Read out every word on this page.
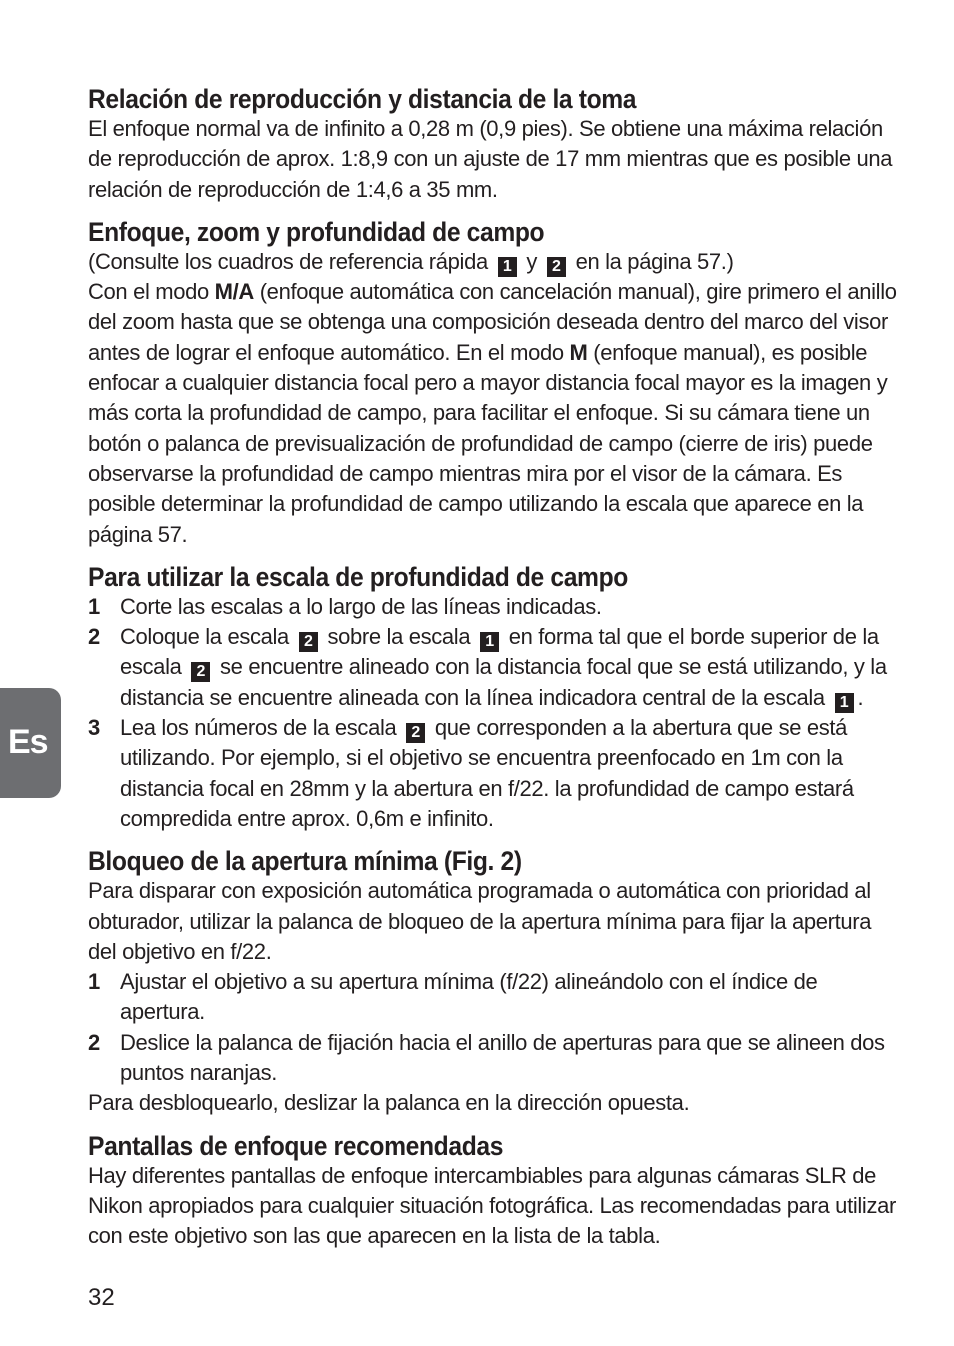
Relación de reproducción y distancia de la toma

El enfoque normal va de infinito a 0,28 m (0,9 pies). Se obtiene una máxima relación de reproducción de aprox. 1:8,9 con un ajuste de 17 mm mientras que es posible una relación de reproducción de 1:4,6 a 35 mm.

Enfoque, zoom y profundidad de campo

(Consulte los cuadros de referencia rápida 1 y 2 en la página 57.)

Con el modo M/A (enfoque automática con cancelación manual), gire primero el anillo del zoom hasta que se obtenga una composición deseada dentro del marco del visor antes de lograr el enfoque automático. En el modo M (enfoque manual), es posible enfocar a cualquier distancia focal pero a mayor distancia focal mayor es la imagen y más corta la profundidad de campo, para facilitar el enfoque. Si su cámara tiene un botón o palanca de previsualización de profundidad de campo (cierre de iris) puede observarse la profundidad de campo mientras mira por el visor de la cámara. Es posible determinar la profundidad de campo utilizando la escala que aparece en la página 57.

Para utilizar la escala de profundidad de campo
1 Corte las escalas a lo largo de las líneas indicadas.
2 Coloque la escala 2 sobre la escala 1 en forma tal que el borde superior de la escala 2 se encuentre alineado con la distancia focal que se está utilizando, y la distancia se encuentre alineada con la línea indicadora central de la escala 1 .
3 Lea los números de la escala 2 que corresponden a la abertura que se está utilizando. Por ejemplo, si el objetivo se encuentra preenfocado en 1m con la distancia focal en 28mm y la abertura en f/22. la profundidad de campo estará compredida entre aprox. 0,6m e infinito.
Bloqueo de la apertura mínima (Fig. 2)

Para disparar con exposición automática programada o automática con prioridad al obturador, utilizar la palanca de bloqueo de la apertura mínima para fijar la apertura del objetivo en f/22.

1 Ajustar el objetivo a su apertura mínima (f/22) alineándolo con el índice de apertura.
2 Deslice la palanca de fijación hacia el anillo de aperturas para que se alineen dos puntos naranjas.

Para desbloquearlo, deslizar la palanca en la dirección opuesta.

Pantallas de enfoque recomendadas

Hay diferentes pantallas de enfoque intercambiables para algunas cámaras SLR de Nikon apropiados para cualquier situación fotográfica. Las recomendadas para utilizar con este objetivo son las que aparecen en la lista de la tabla.

Es
32
